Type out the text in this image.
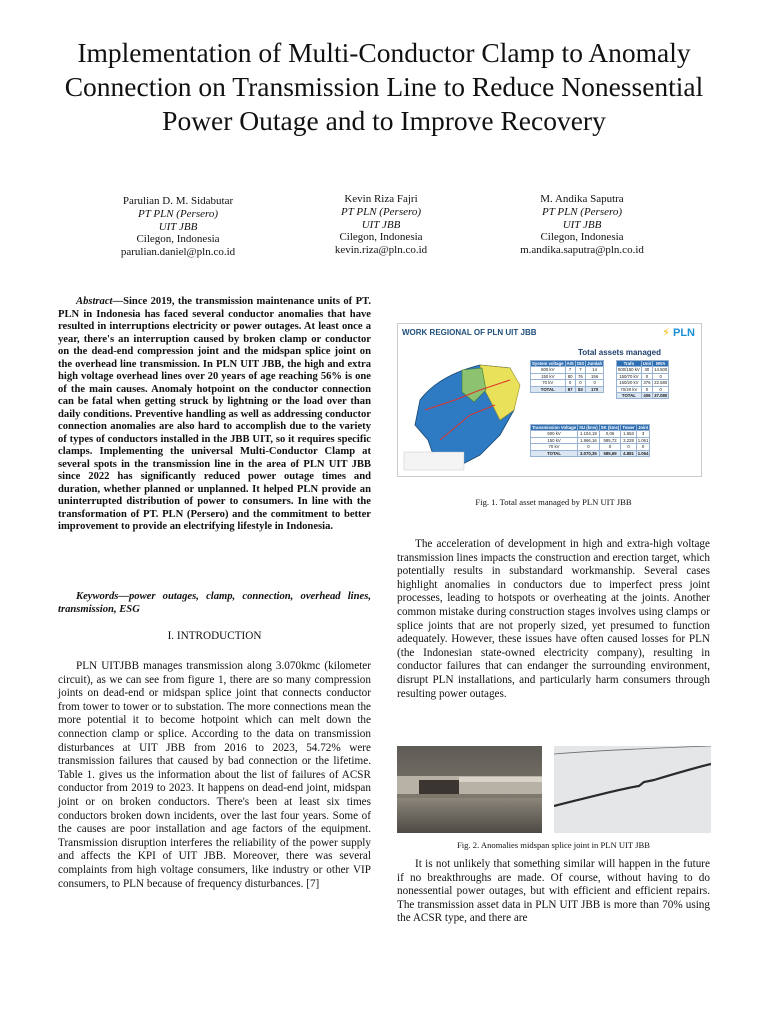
Implementation of Multi-Conductor Clamp to Anomaly Connection on Transmission Line to Reduce Nonessential Power Outage and to Improve Recovery
Parulian D. M. Sidabutar
PT PLN (Persero)
UIT JBB
Cilegon, Indonesia
parulian.daniel@pln.co.id
Kevin Riza Fajri
PT PLN (Persero)
UIT JBB
Cilegon, Indonesia
kevin.riza@pln.co.id
M. Andika Saputra
PT PLN (Persero)
UIT JBB
Cilegon, Indonesia
m.andika.saputra@pln.co.id

Abstract—Since 2019, the transmission maintenance units of PT. PLN in Indonesia has faced several conductor anomalies that have resulted in interruptions electricity or power outages. At least once a year, there's an interruption caused by broken clamp or conductor on the dead-end compression joint and the midspan splice joint on the overhead line transmission. In PLN UIT JBB, the high and extra high voltage overhead lines over 20 years of age reaching 56% is one of the main causes. Anomaly hotpoint on the conductor connection can be fatal when getting struck by lightning or the load over than daily conditions. Preventive handling as well as addressing conductor connection anomalies are also hard to accomplish due to the variety of types of conductors installed in the JBB UIT, so it requires specific clamps. Implementing the universal Multi-Conductor Clamp at several spots in the transmission line in the area of PLN UIT JBB since 2022 has significantly reduced power outage times and duration, whether planned or unplanned. It helped PLN provide an uninterrupted distribution of power to consumers. In line with the transformation of PT. PLN (Persero) and the commitment to better improvement to provide an electrifying lifestyle in Indonesia.

Keywords—power outages, clamp, connection, overhead lines, transmission, ESG

I. INTRODUCTION

PLN UITJBB manages transmission along 3.070kmc (kilometer circuit), as we can see from figure 1, there are so many compression joints on dead-end or midspan splice joint that connects conductor from tower to tower or to substation. The more connections mean the more potential it to become hotpoint which can melt down the connection clamp or splice. According to the data on transmission disturbances at UIT JBB from 2016 to 2023, 54.72% were transmission failures that caused by bad connection or the lifetime. Table 1. gives us the information about the list of failures of ACSR conductor from 2019 to 2023. It happens on dead-end joint, midspan joint or on broken conductors. There's been at least six times conductors broken down incidents, over the last four years. Some of the causes are poor installation and age factors of the equipment. Transmission disruption interferes the reliability of the power supply and affects the KPI of UIT JBB. Moreover, there was several complaints from high voltage consumers, like industry or other VIP consumers, to PLN because of frequency disturbances. [7]

WORK REGIONAL OF PLN UIT JBB	⚡ PLN
Total assets managed
System voltage	AIS	GIS	Jumlah
500 kV	7	7	14
150 kV	80	76	156
70 kV	0	0	0
TOTAL	87	83	170
Trafo	Unit	MVA
500/150 kV	30	14.500
150/70 kV	0	0
150/20 kV	376	22.580
70/20 kV	0	0
TOTAL	406	37.080
Transmission Voltage	SU (kms)	SK (kms)	Tower	Joint
500 kV	1.104,19	0,06	1.653	3
150 kV	1.966,16	585,72	3.228	1.061
70 kV	0	0	0	0
TOTAL	3.070,35	585,69	4.881	1.064
Fig. 1. Total asset managed by PLN UIT JBB

The acceleration of development in high and extra-high voltage transmission lines impacts the construction and erection target, which potentially results in substandard workmanship. Several cases highlight anomalies in conductors due to imperfect press joint processes, leading to hotspots or overheating at the joints. Another common mistake during construction stages involves using clamps or splice joints that are not properly sized, yet presumed to function adequately. However, these issues have often caused losses for PLN (the Indonesian state-owned electricity company), resulting in conductor failures that can endanger the surrounding environment, disrupt PLN installations, and particularly harm consumers through resulting power outages.

Fig. 2. Anomalies midspan splice joint in PLN UIT JBB

It is not unlikely that something similar will happen in the future if no breakthroughs are made. Of course, without having to do nonessential power outages, but with efficient and efficient repairs. The transmission asset data in PLN UIT JBB is more than 70% using the ACSR type, and there are
